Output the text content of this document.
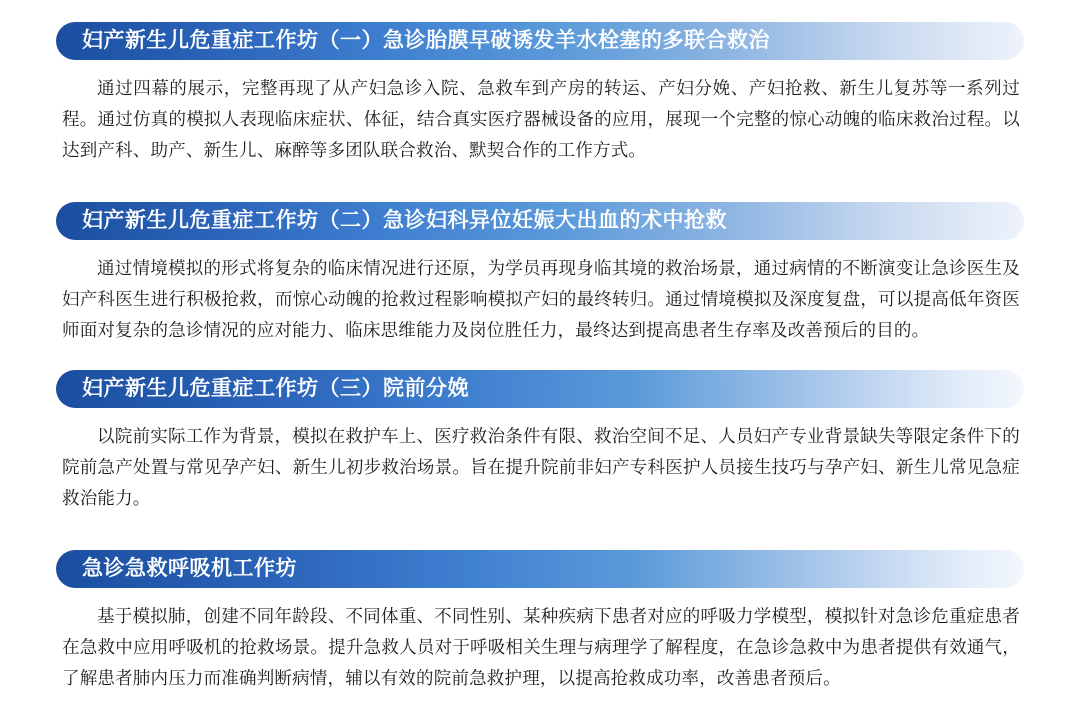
妇产新生儿危重症工作坊（一）急诊胎膜早破诱发羊水栓塞的多联合救治

通过四幕的展示，完整再现了从产妇急诊入院、急救车到产房的转运、产妇分娩、产妇抢救、新生儿复苏等一系列过程。通过仿真的模拟人表现临床症状、体征，结合真实医疗器械设备的应用，展现一个完整的惊心动魄的临床救治过程。以达到产科、助产、新生儿、麻醉等多团队联合救治、默契合作的工作方式。

妇产新生儿危重症工作坊（二）急诊妇科异位妊娠大出血的术中抢救

通过情境模拟的形式将复杂的临床情况进行还原，为学员再现身临其境的救治场景，通过病情的不断演变让急诊医生及妇产科医生进行积极抢救，而惊心动魄的抢救过程影响模拟产妇的最终转归。通过情境模拟及深度复盘，可以提高低年资医师面对复杂的急诊情况的应对能力、临床思维能力及岗位胜任力，最终达到提高患者生存率及改善预后的目的。

妇产新生儿危重症工作坊（三）院前分娩

以院前实际工作为背景，模拟在救护车上、医疗救治条件有限、救治空间不足、人员妇产专业背景缺失等限定条件下的院前急产处置与常见孕产妇、新生儿初步救治场景。旨在提升院前非妇产专科医护人员接生技巧与孕产妇、新生儿常见急症救治能力。

急诊急救呼吸机工作坊

基于模拟肺，创建不同年龄段、不同体重、不同性别、某种疾病下患者对应的呼吸力学模型，模拟针对急诊危重症患者在急救中应用呼吸机的抢救场景。提升急救人员对于呼吸相关生理与病理学了解程度，在急诊急救中为患者提供有效通气，了解患者肺内压力而准确判断病情，辅以有效的院前急救护理，以提高抢救成功率，改善患者预后。
